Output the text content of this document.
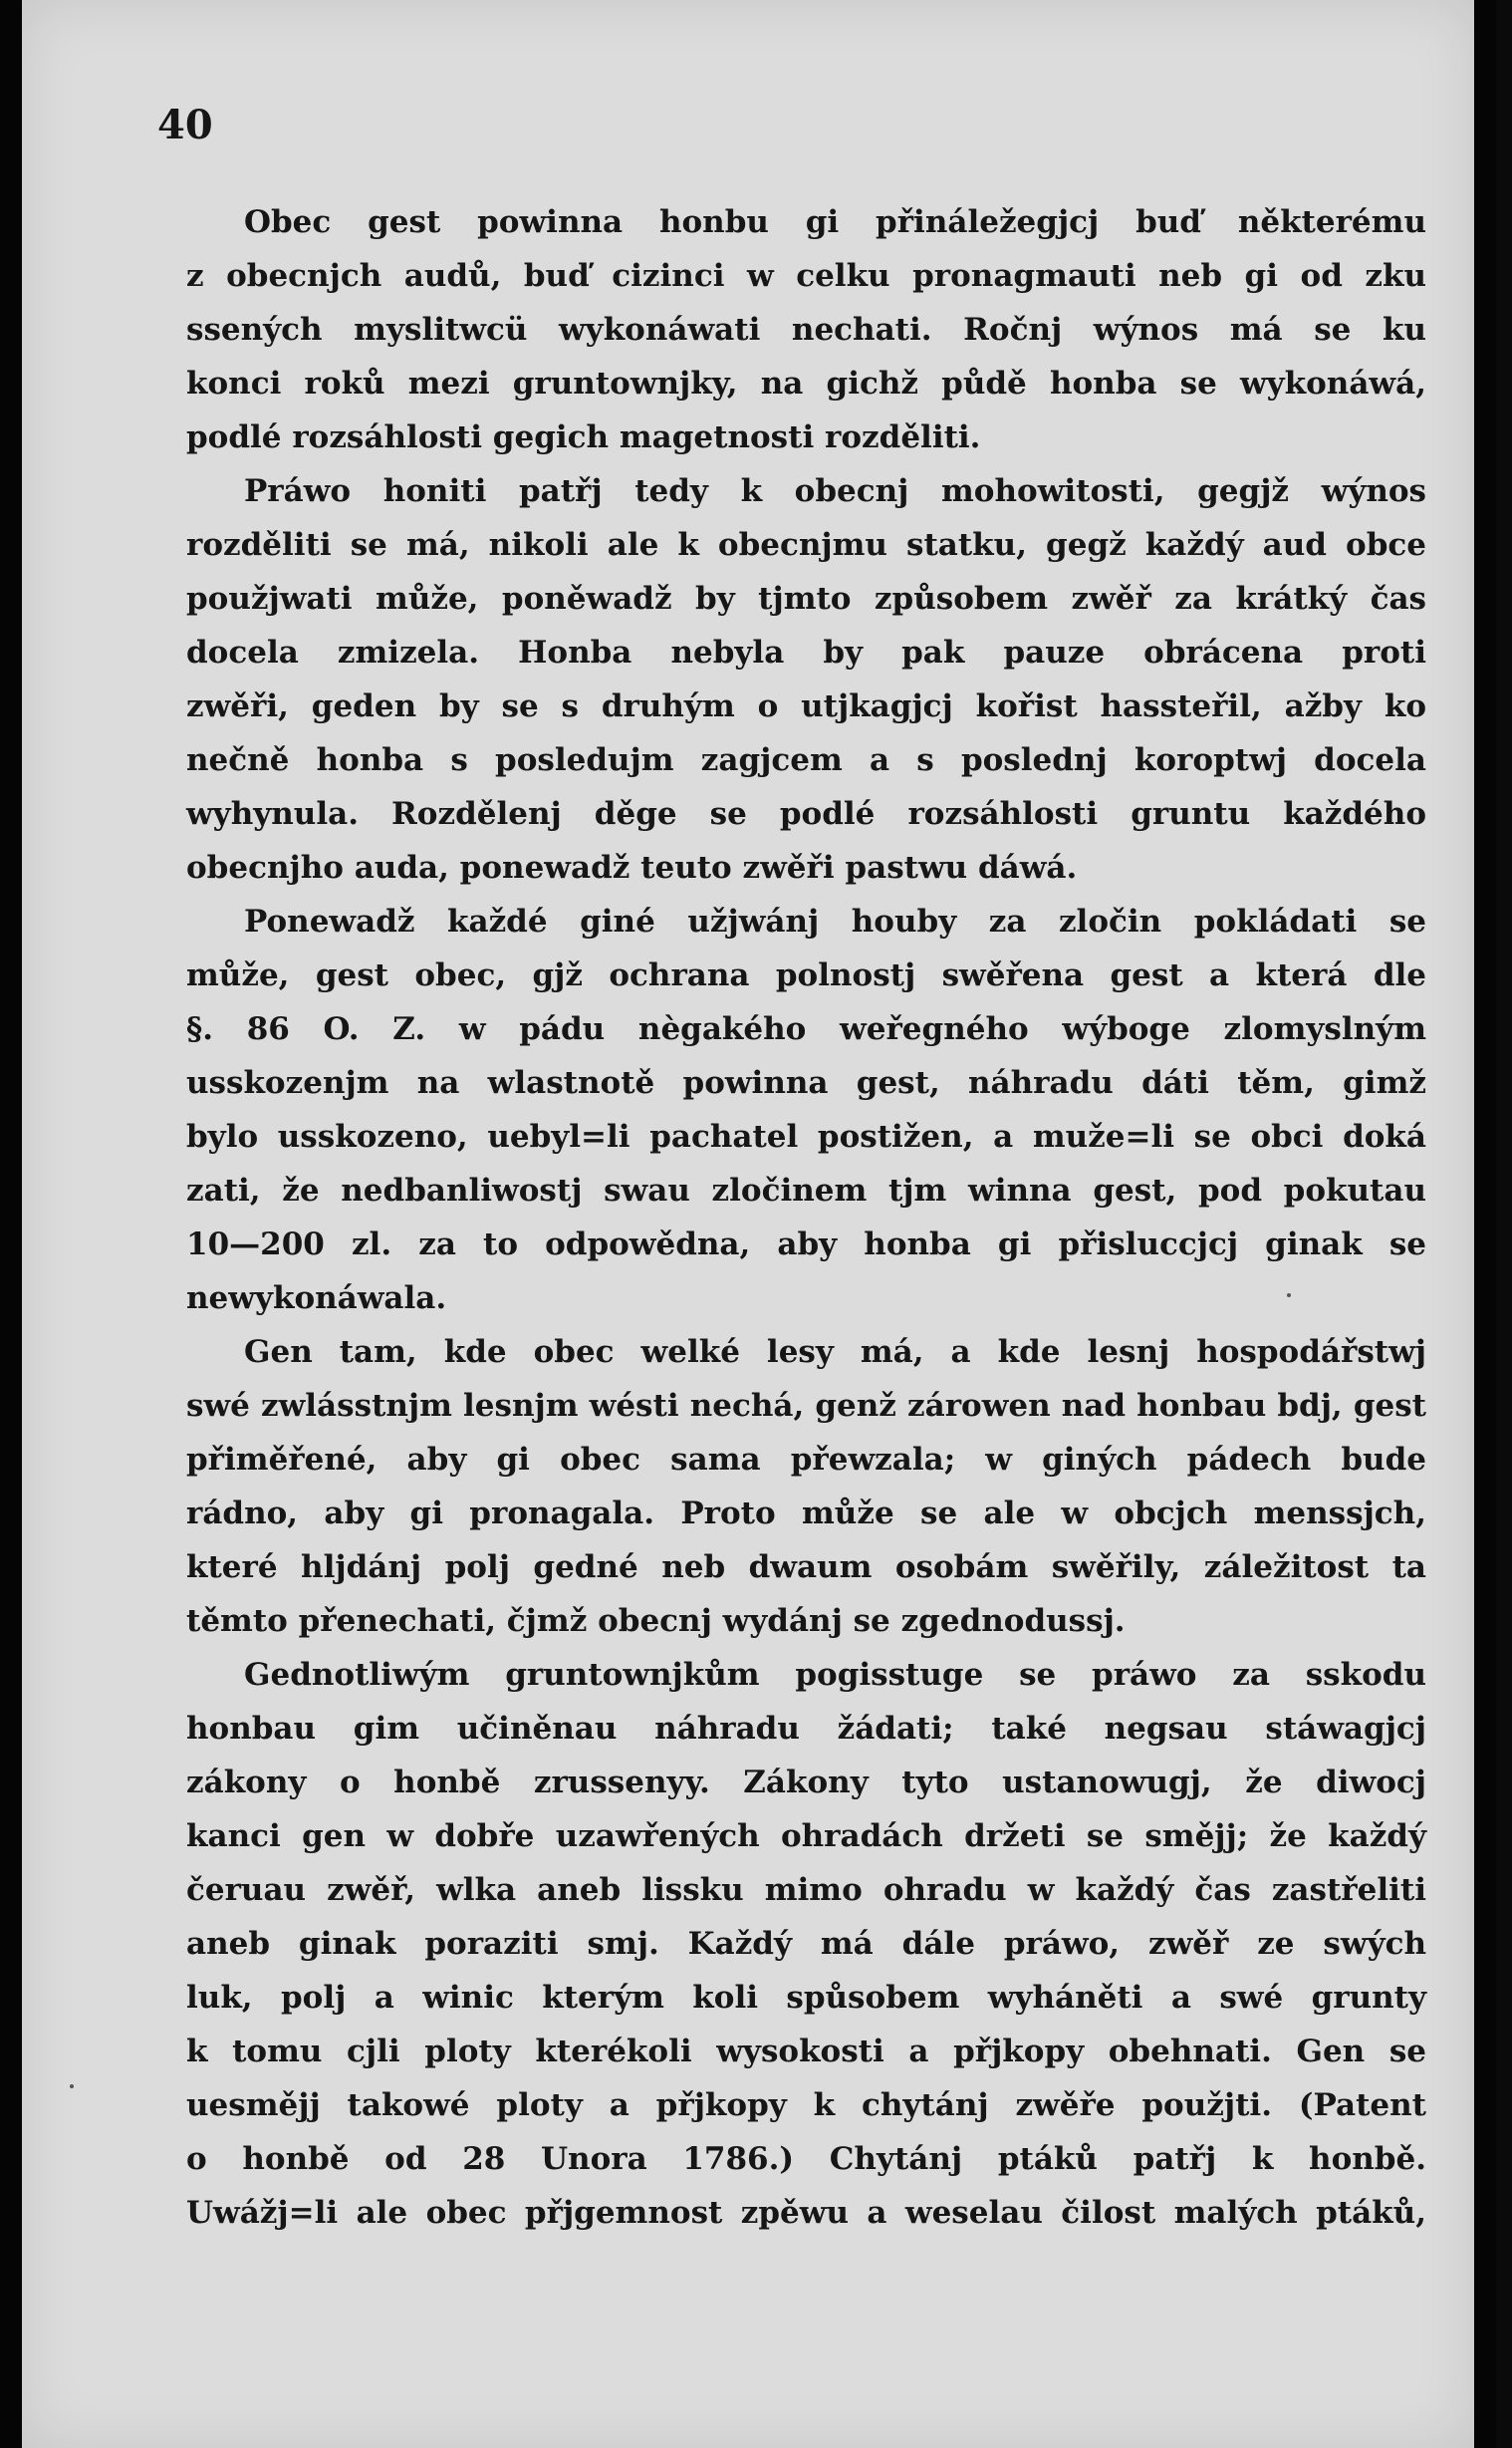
40
Obec gest powinna honbu gi přináležegjcj buď některému
z obecnjch audů, buď cizinci w celku pronagmauti neb gi od zku
ssených myslitwcü wykonáwati nechati. Ročnj wýnos má se ku
konci roků mezi gruntownjky, na gichž půdě honba se wykonáwá,
podlé rozsáhlosti gegich magetnosti rozděliti.
Práwo honiti patřj tedy k obecnj mohowitosti, gegjž wýnos
rozděliti se má, nikoli ale k obecnjmu statku, gegž každý aud obce
použjwati může, poněwadž by tjmto způsobem zwěř za krátký čas
docela zmizela. Honba nebyla by pak pauze obrácena proti
zwěři, geden by se s druhým o utjkagjcj kořist hassteřil, ažby ko
nečně honba s posledujm zagjcem a s poslednj koroptwj docela
wyhynula. Rozdělenj děge se podlé rozsáhlosti gruntu každého
obecnjho auda, ponewadž teuto zwěři pastwu dáwá.
Ponewadž každé giné užjwánj houby za zločin pokládati se
může, gest obec, gjž ochrana polnostj swěřena gest a která dle
§. 86 O. Z. w pádu nègakého weřegného wýboge zlomyslným
usskozenjm na wlastnotě powinna gest, náhradu dáti těm, gimž
bylo usskozeno, uebyl=li pachatel postižen, a muže=li se obci doká
zati, že nedbanliwostj swau zločinem tjm winna gest, pod pokutau
10—200 zl. za to odpowědna, aby honba gi přisluссjcj ginak se
newykonáwala.
Gen tam, kde obec welké lesy má, a kde lesnj hospodářstwj
swé zwlásstnjm lesnjm wésti nechá, genž zárowen nad honbau bdj, gest
přiměřené, aby gi obec sama přewzala; w giných pádech bude
rádno, aby gi pronagala. Proto může se ale w obcjch menssjch,
které hljdánj polj gedné neb dwaum osobám swěřily, záležitost ta
těmto přenechati, čjmž obecnj wydánj se zgednodussj.
Gednotliwým gruntownjkům pogisstuge se práwo za sskodu
honbau gim učiněnau náhradu žádati; také negsau stáwagjcj
zákony o honbě zrussenyy. Zákony tyto ustanowugj, že diwocj
kanci gen w dobře uzawřených ohradách držeti se smějj; že každý
čeruau zwěř, wlka aneb lissku mimo ohradu w každý čas zastřeliti
aneb ginak poraziti smj. Každý má dále práwo, zwěř ze swých
luk, polj a winic kterým koli spůsobem wyháněti a swé grunty
k tomu cjli ploty kterékoli wysokosti a přjkopy obehnati. Gen se
uesmějj takowé ploty a přjkopy k chytánj zwěře použjti. (Patent
o honbě od 28 Unora 1786.) Chytánj ptáků patřj k honbě.
Uwážj=li ale obec přjgemnost zpěwu a weselau čilost malých ptáků,
